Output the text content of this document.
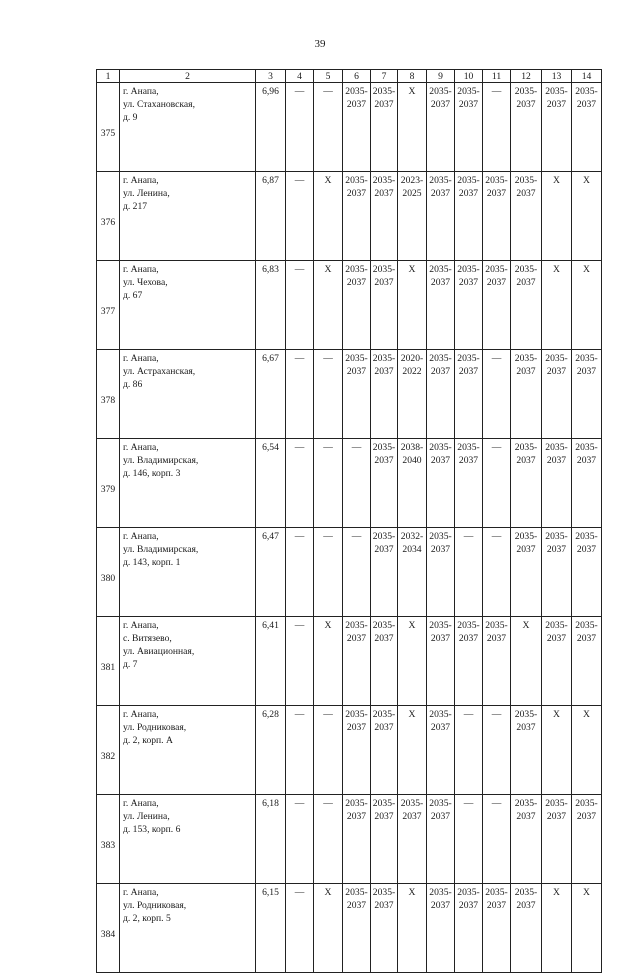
39
1	2	3	4	5	6	7	8	9	10	11	12	13	14
375	г. Анапа,
ул. Стахановская,
д. 9	6,96	—	—	2035-
2037	2035-
2037	X	2035-
2037	2035-
2037	—	2035-
2037	2035-
2037	2035-
2037

376	г. Анапа,
ул. Ленина,
д. 217	6,87	—	X	2035-
2037	2035-
2037	2023-
2025	2035-
2037	2035-
2037	2035-
2037	2035-
2037	X	X

377	г. Анапа,
ул. Чехова,
д. 67	6,83	—	X	2035-
2037	2035-
2037	X	2035-
2037	2035-
2037	2035-
2037	2035-
2037	X	X

378	г. Анапа,
ул. Астраханская,
д. 86	6,67	—	—	2035-
2037	2035-
2037	2020-
2022	2035-
2037	2035-
2037	—	2035-
2037	2035-
2037	2035-
2037

379	г. Анапа,
ул. Владимирская,
д. 146, корп. 3	6,54	—	—	—	2035-
2037	2038-
2040	2035-
2037	2035-
2037	—	2035-
2037	2035-
2037	2035-
2037

380	г. Анапа,
ул. Владимирская,
д. 143, корп. 1	6,47	—	—	—	2035-
2037	2032-
2034	2035-
2037	—	—	2035-
2037	2035-
2037	2035-
2037

381	г. Анапа,
с. Витязево,
ул. Авиационная,
д. 7	6,41	—	X	2035-
2037	2035-
2037	X	2035-
2037	2035-
2037	2035-
2037	X	2035-
2037	2035-
2037

382	г. Анапа,
ул. Родниковая,
д. 2, корп. А	6,28	—	—	2035-
2037	2035-
2037	X	2035-
2037	—	—	2035-
2037	X	X

383	г. Анапа,
ул. Ленина,
д. 153, корп. 6	6,18	—	—	2035-
2037	2035-
2037	2035-
2037	2035-
2037	—	—	2035-
2037	2035-
2037	2035-
2037

384	г. Анапа,
ул. Родниковая,
д. 2, корп. 5	6,15	—	X	2035-
2037	2035-
2037	X	2035-
2037	2035-
2037	2035-
2037	2035-
2037	X	X
